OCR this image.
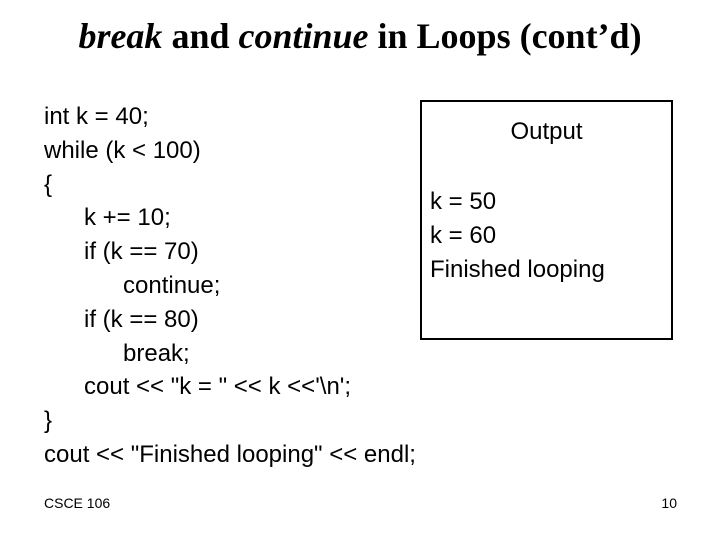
break and continue in Loops (cont’d)
int k = 40;
while (k < 100)
{
k += 10;
if (k == 70)
continue;
if (k == 80)
break;
cout << "k = " << k <<'\n';
}
cout << "Finished looping" << endl;
Output
k = 50
k = 60
Finished looping
CSCE 106	10
